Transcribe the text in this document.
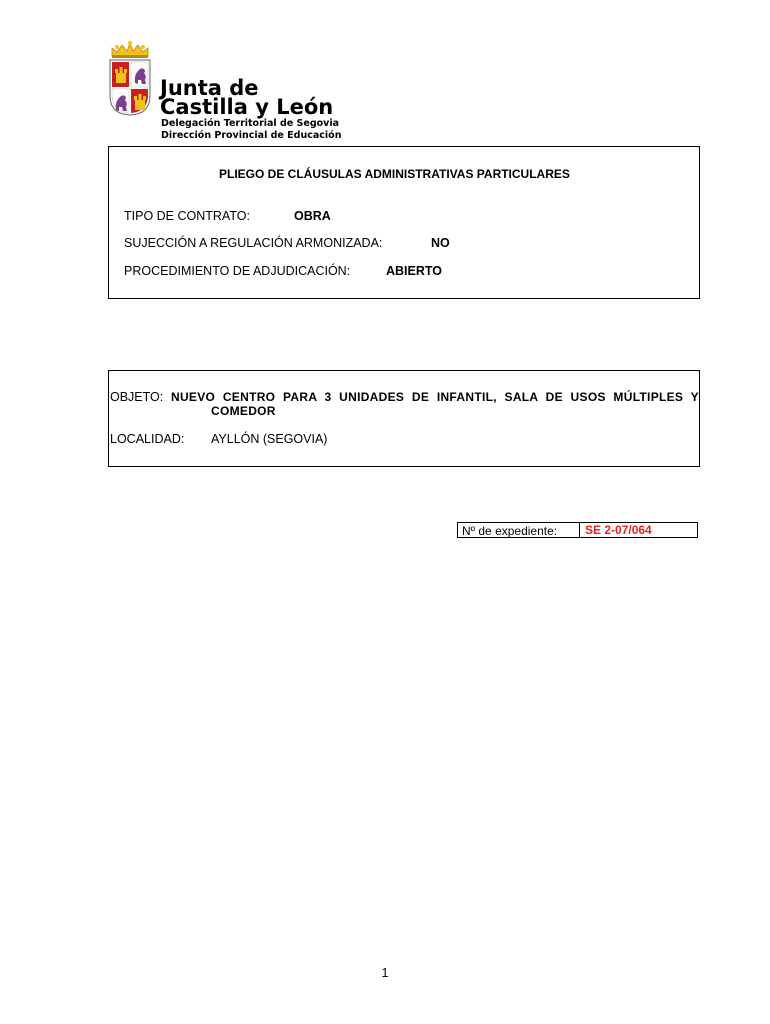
Junta de
Castilla y León
Delegación Territorial de Segovia
Dirección Provincial de Educación
PLIEGO DE CLÁUSULAS ADMINISTRATIVAS PARTICULARES
TIPO DE CONTRATO:	OBRA
SUJECCIÓN A REGULACIÓN ARMONIZADA:	NO
PROCEDIMIENTO DE ADJUDICACIÓN:	ABIERTO
OBJETO: NUEVO CENTRO PARA 3 UNIDADES DE INFANTIL, SALA DE USOS MÚLTIPLES Y
COMEDOR
LOCALIDAD: AYLLÓN (SEGOVIA)
Nº de expediente: SE 2-07/064
1
